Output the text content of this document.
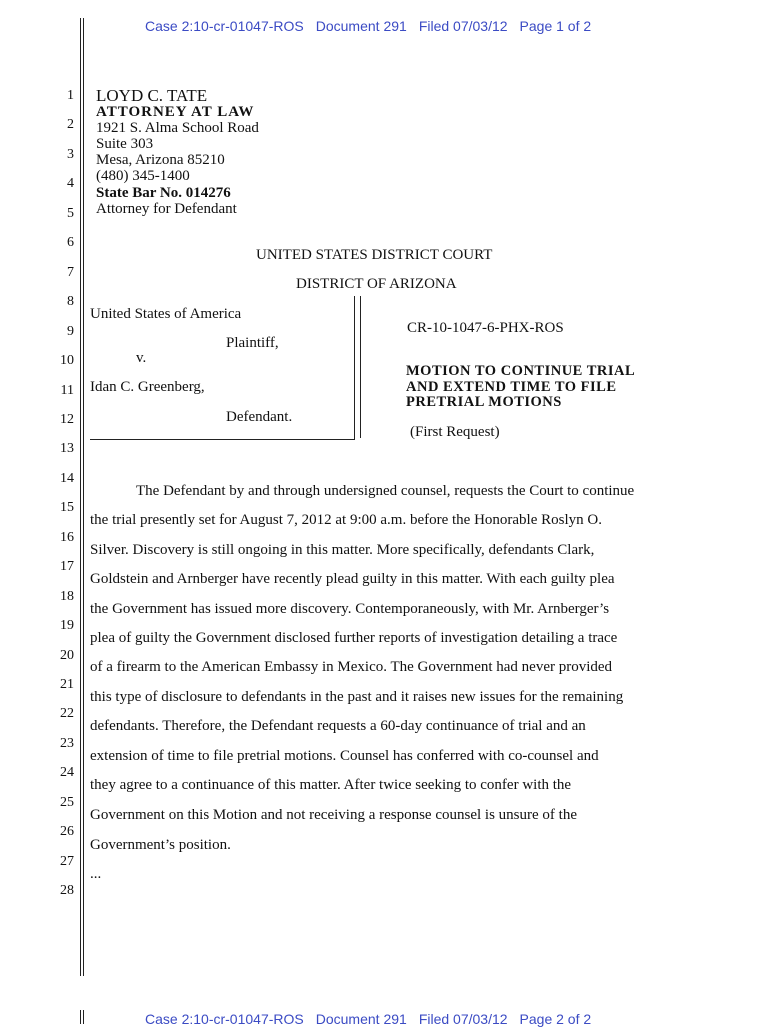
Case 2:10-cr-01047-ROS Document 291 Filed 07/03/12 Page 1 of 2
1
2
3
4
5
6
7
8
9
10
11
12
13
14
15
16
17
18
19
20
21
22
23
24
25
26
27
28
LOYD C. TATE
ATTORNEY AT LAW
1921 S. Alma School Road
Suite 303
Mesa, Arizona 85210
(480) 345-1400
State Bar No. 014276
Attorney for Defendant
UNITED STATES DISTRICT COURT
DISTRICT OF ARIZONA
United States of America
Plaintiff,
v.
Idan C. Greenberg,
Defendant.
CR-10-1047-6-PHX-ROS
MOTION TO CONTINUE TRIAL
AND EXTEND TIME TO FILE
PRETRIAL MOTIONS
(First Request)
The Defendant by and through undersigned counsel, requests the Court to continue
the trial presently set for August 7, 2012 at 9:00 a.m. before the Honorable Roslyn O.
Silver. Discovery is still ongoing in this matter. More specifically, defendants Clark,
Goldstein and Arnberger have recently plead guilty in this matter. With each guilty plea
the Government has issued more discovery. Contemporaneously, with Mr. Arnberger’s
plea of guilty the Government disclosed further reports of investigation detailing a trace
of a firearm to the American Embassy in Mexico. The Government had never provided
this type of disclosure to defendants in the past and it raises new issues for the remaining
defendants. Therefore, the Defendant requests a 60-day continuance of trial and an
extension of time to file pretrial motions. Counsel has conferred with co-counsel and
they agree to a continuance of this matter. After twice seeking to confer with the
Government on this Motion and not receiving a response counsel is unsure of the
Government’s position.
...
Case 2:10-cr-01047-ROS Document 291 Filed 07/03/12 Page 2 of 2
